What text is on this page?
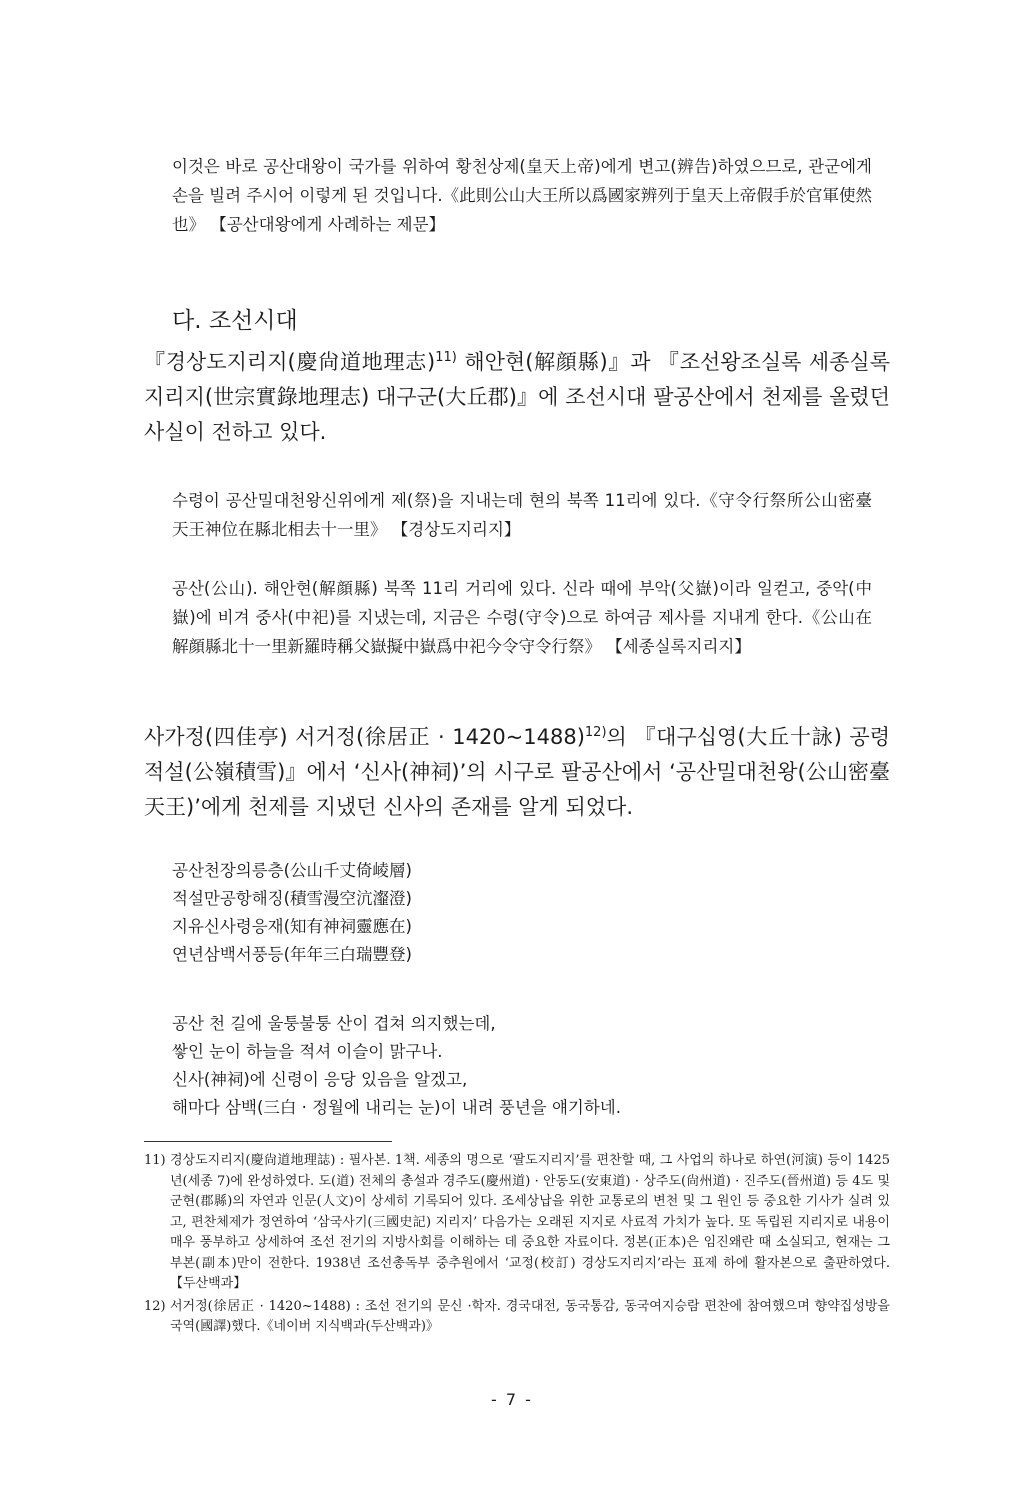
이것은 바로 공산대왕이 국가를 위하여 황천상제(皇天上帝)에게 변고(辨告)하였으므로, 관군에게 손을 빌려 주시어 이렇게 된 것입니다.《此則公山大王所以爲國家辨列于皇天上帝假手於官軍使然也》 【공산대왕에게 사례하는 제문】

다. 조선시대

『경상도지리지(慶尙道地理志)$^{11)}$ 해안현(解顔縣)』과 『조선왕조실록 세종실록지리지(世宗實錄地理志) 대구군(大丘郡)』에 조선시대 팔공산에서 천제를 올렸던 사실이 전하고 있다.

수령이 공산밀대천왕신위에게 제(祭)을 지내는데 현의 북쪽 11리에 있다.《守令行祭所公山密臺天王神位在縣北相去十一里》 【경상도지리지】

공산(公山). 해안현(解顔縣) 북쪽 11리 거리에 있다. 신라 때에 부악(父嶽)이라 일컫고, 중악(中嶽)에 비겨 중사(中祀)를 지냈는데, 지금은 수령(守令)으로 하여금 제사를 지내게 한다.《公山在解顔縣北十一里新羅時稱父嶽擬中嶽爲中祀今令守令行祭》 【세종실록지리지】

사가정(四佳亭) 서거정(徐居正 · 1420~1488)$^{12)}$의 『대구십영(大丘十詠) 공령적설(公嶺積雪)』에서 ‘신사(神祠)’의 시구로 팔공산에서 ‘공산밀대천왕(公山密臺天王)’에게 천제를 지냈던 신사의 존재를 알게 되었다.

공산천장의릉층(公山千丈倚崚層)
적설만공항해징(積雪漫空沆瀣澄)
지유신사령응재(知有神祠靈應在)
연년삼백서풍등(年年三白瑞豐登)
공산 천 길에 울퉁불퉁 산이 겹쳐 의지했는데,
쌓인 눈이 하늘을 적셔 이슬이 맑구나.
신사(神祠)에 신령이 응당 있음을 알겠고,
해마다 삼백(三白 · 정월에 내리는 눈)이 내려 풍년을 얘기하네.
11) 경상도지리지(慶尙道地理誌) : 필사본. 1책. 세종의 명으로 ‘팔도지리지’를 편찬할 때, 그 사업의 하나로 하연(河演) 등이 1425년(세종 7)에 완성하였다. 도(道) 전체의 총설과 경주도(慶州道) · 안동도(安東道) · 상주도(尙州道) · 진주도(晉州道) 등 4도 및 군현(郡縣)의 자연과 인문(人文)이 상세히 기록되어 있다. 조세상납을 위한 교통로의 변천 및 그 원인 등 중요한 기사가 실려 있고, 편찬체제가 정연하여 ‘삼국사기(三國史記) 지리지’ 다음가는 오래된 지지로 사료적 가치가 높다. 또 독립된 지리지로 내용이 매우 풍부하고 상세하여 조선 전기의 지방사회를 이해하는 데 중요한 자료이다. 정본(正本)은 임진왜란 때 소실되고, 현재는 그 부본(副本)만이 전한다. 1938년 조선총독부 중추원에서 ‘교정(校訂) 경상도지리지’라는 표제 하에 활자본으로 출판하였다. 【두산백과】
12) 서거정(徐居正 · 1420~1488) : 조선 전기의 문신 ·학자. 경국대전, 동국통감, 동국여지승람 편찬에 참여했으며 향약집성방을 국역(國譯)했다.《네이버 지식백과(두산백과)》
- 7 -
